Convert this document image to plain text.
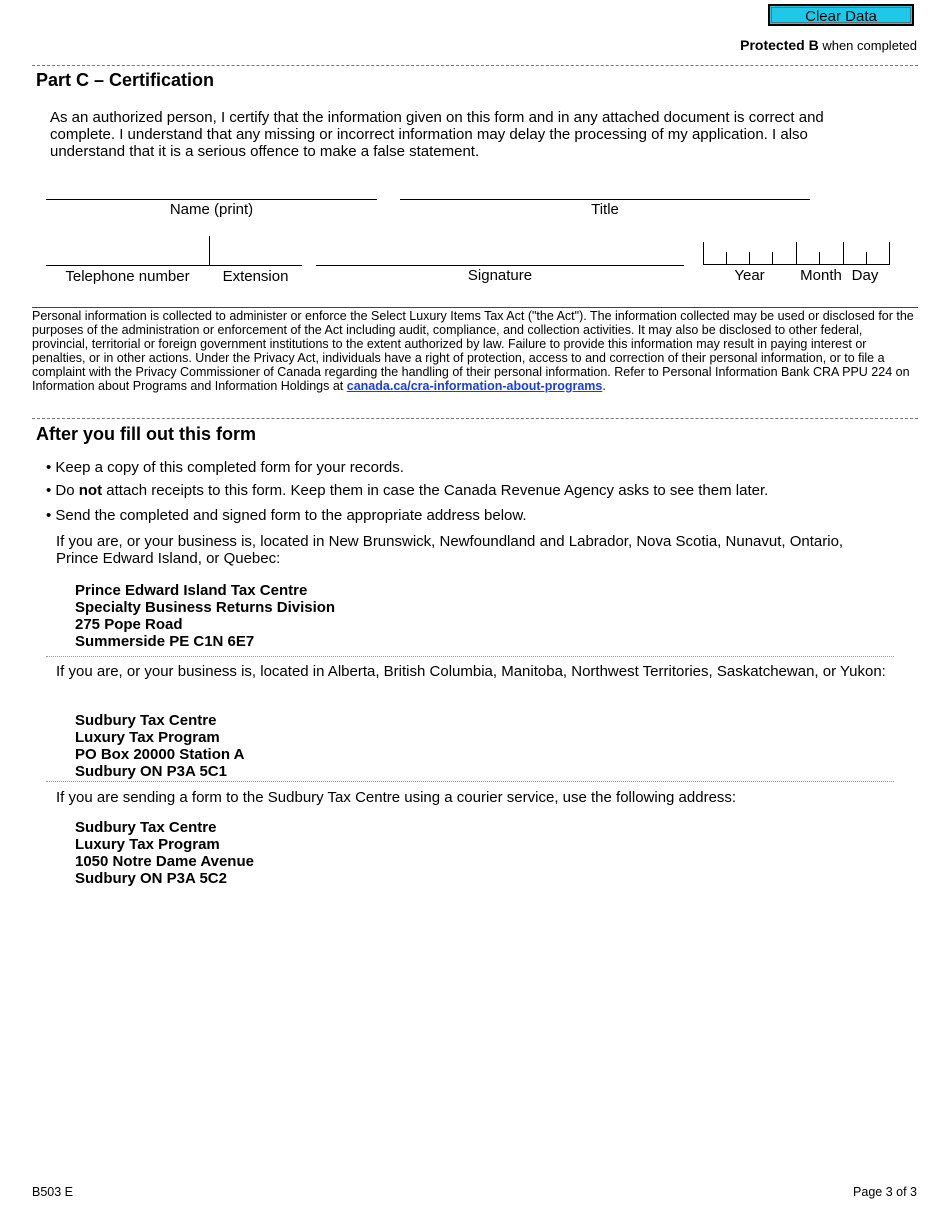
Clear Data
Protected B when completed
Part C – Certification
As an authorized person, I certify that the information given on this form and in any attached document is correct and complete. I understand that any missing or incorrect information may delay the processing of my application. I also understand that it is a serious offence to make a false statement.
Name (print)	Title
Telephone number	Extension	Signature	Year	Month Day
Personal information is collected to administer or enforce the Select Luxury Items Tax Act ("the Act"). The information collected may be used or disclosed for the purposes of the administration or enforcement of the Act including audit, compliance, and collection activities. It may also be disclosed to other federal, provincial, territorial or foreign government institutions to the extent authorized by law. Failure to provide this information may result in paying interest or penalties, or in other actions. Under the Privacy Act, individuals have a right of protection, access to and correction of their personal information, or to file a complaint with the Privacy Commissioner of Canada regarding the handling of their personal information. Refer to Personal Information Bank CRA PPU 224 on Information about Programs and Information Holdings at canada.ca/cra-information-about-programs.
After you fill out this form
• Keep a copy of this completed form for your records.
• Do not attach receipts to this form. Keep them in case the Canada Revenue Agency asks to see them later.
• Send the completed and signed form to the appropriate address below.
If you are, or your business is, located in New Brunswick, Newfoundland and Labrador, Nova Scotia, Nunavut, Ontario, Prince Edward Island, or Quebec:
Prince Edward Island Tax Centre
Specialty Business Returns Division
275 Pope Road
Summerside PE C1N 6E7
If you are, or your business is, located in Alberta, British Columbia, Manitoba, Northwest Territories, Saskatchewan, or Yukon:
Sudbury Tax Centre
Luxury Tax Program
PO Box 20000 Station A
Sudbury ON P3A 5C1
If you are sending a form to the Sudbury Tax Centre using a courier service, use the following address:
Sudbury Tax Centre
Luxury Tax Program
1050 Notre Dame Avenue
Sudbury ON P3A 5C2
B503 E	Page 3 of 3
